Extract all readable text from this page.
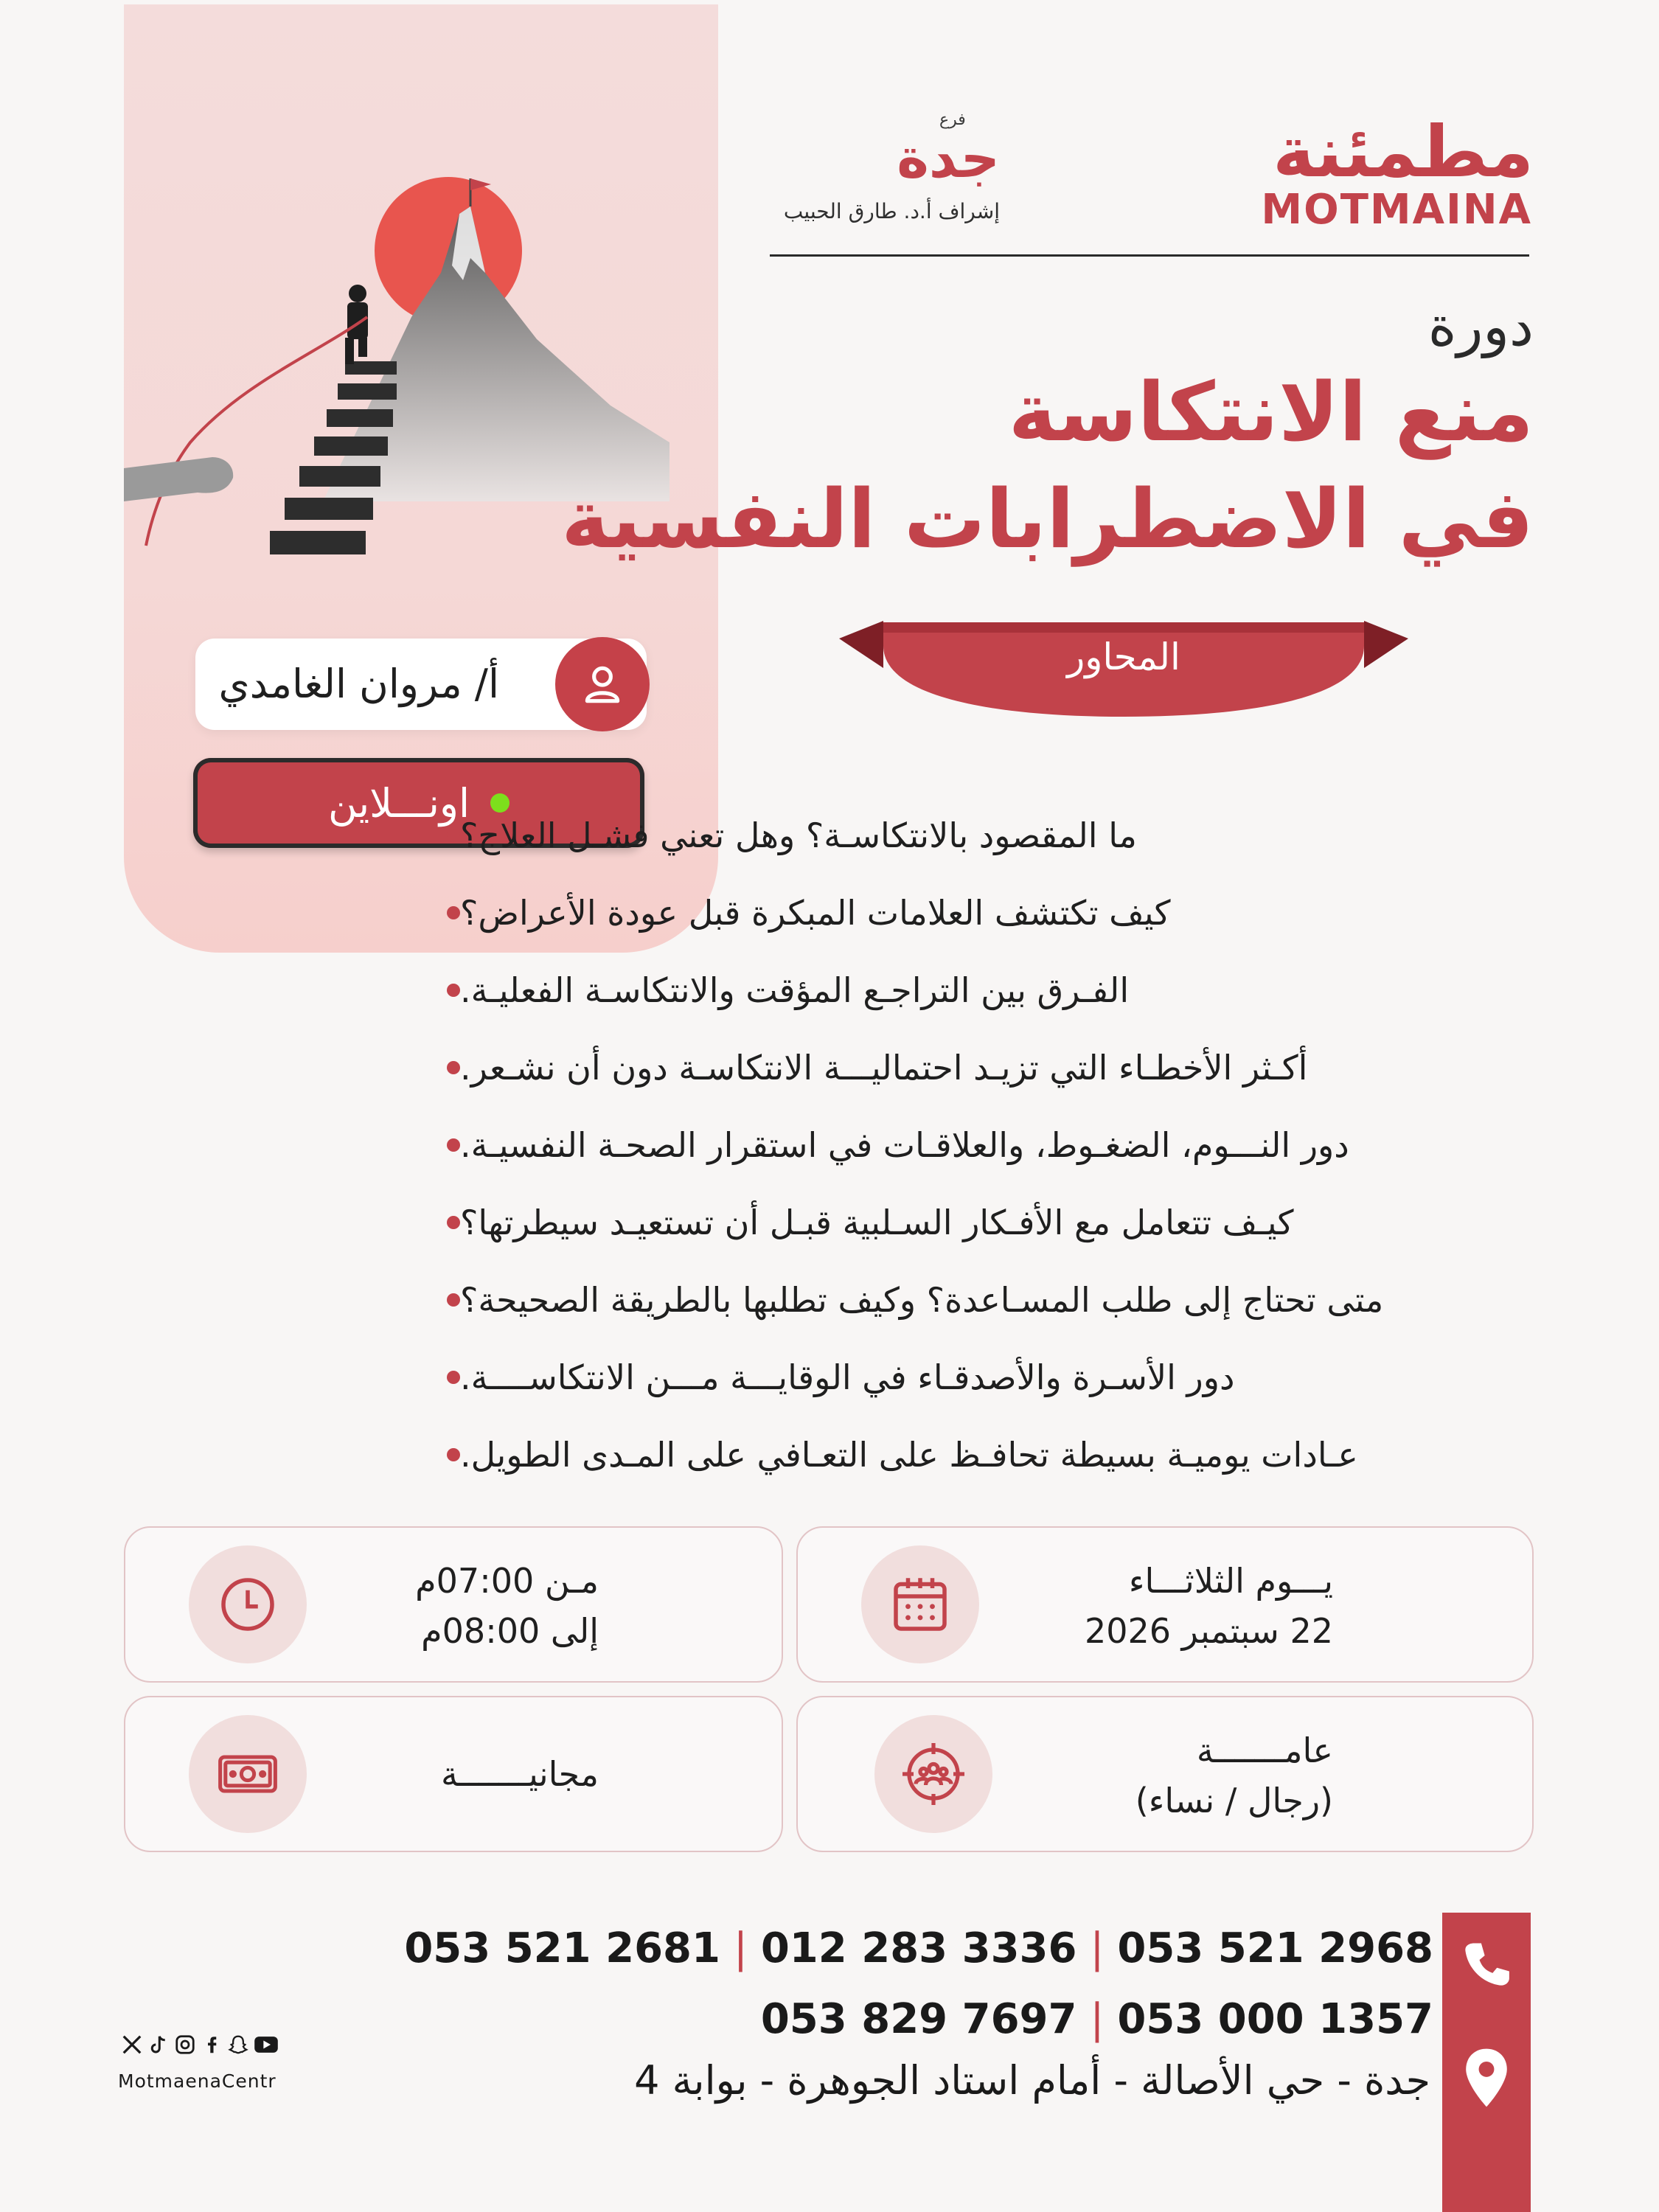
أ/ مروان الغامدي
اونـــلاين
مطمئنة
MOTMAINA
فرع
جدة
إشراف أ.د. طارق الحبيب
دورة
منع الانتكاسة
في الاضطرابات النفسية
المحاور
ما المقصود بالانتكاسـة؟ وهل تعني فشـل العلاج؟
كيف تكتشف العلامات المبكرة قبل عودة الأعراض؟
الفـرق بين التراجـع المؤقت والانتكاسـة الفعليـة.
أكـثر الأخطـاء التي تزيـد احتماليـــة الانتكاسـة دون أن نشـعر.
دور النـــوم، الضغـوط، والعلاقـات في استقرار الصحـة النفسيـة.
كيـف تتعامل مع الأفـكار السـلبية قبـل أن تستعيـد سيطرتها؟
متى تحتاج إلى طلب المسـاعدة؟ وكيف تطلبها بالطريقة الصحيحة؟
دور الأسـرة والأصدقـاء في الوقايـــة مـــن الانتكاســــة.
عـادات يوميـة بسيطة تحافـظ على التعـافي على المـدى الطويل.
يـــوم الثلاثـــاء
22 سبتمبر 2026
مـن 07:00م
إلى 08:00م
عامـــــــة
(رجال / نساء)
مجانيـــــــة
053 521 2681 | 012 283 3336 | 053 521 2968
053 829 7697 | 053 000 1357
جدة - حي الأصالة - أمام استاد الجوهرة - بوابة 4
MotmaenaCentr
